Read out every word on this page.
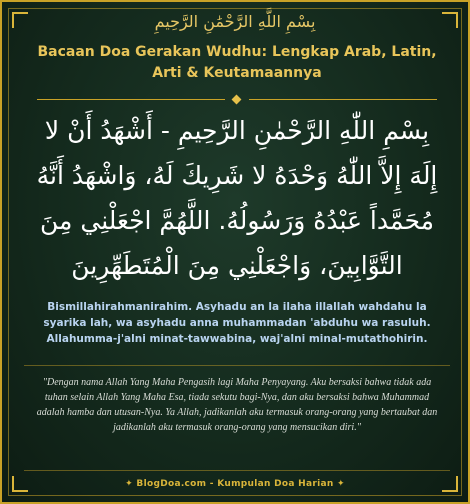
بِسْمِ اللَّهِ الرَّحْمَٰنِ الرَّحِيمِ
Bacaan Doa Gerakan Wudhu: Lengkap Arab, Latin, Arti & Keutamaannya
بِسْمِ اللّٰهِ الرَّحْمٰنِ الرَّحِيمِ - أَشْهَدُ أَنْ لا إِلَهَ إِلاَّ اللّٰهُ وَحْدَهُ لا شَرِيكَ لَهُ، وَاشْهَدُ أَنَّهُ مُحَمَّداً عَبْدُهُ وَرَسُولُهُ. اللَّهُمَّ اجْعَلْنِي مِنَ التَّوَّابِينَ، وَاجْعَلْنِي مِنَ الْمُتَطَهِّرِينَ
Bismillahirahmanirahim. Asyhadu an la ilaha illallah wahdahu la syarika lah, wa asyhadu anna muhammadan 'abduhu wa rasuluh. Allahumma-j'alni minat-tawwabina, waj'alni minal-mutathohirin.
"Dengan nama Allah Yang Maha Pengasih lagi Maha Penyayang. Aku bersaksi bahwa tidak ada tuhan selain Allah Yang Maha Esa, tiada sekutu bagi-Nya, dan aku bersaksi bahwa Muhammad adalah hamba dan utusan-Nya. Ya Allah, jadikanlah aku termasuk orang-orang yang bertaubat dan jadikanlah aku termasuk orang-orang yang mensucikan diri."
✦ BlogDoa.com - Kumpulan Doa Harian ✦
